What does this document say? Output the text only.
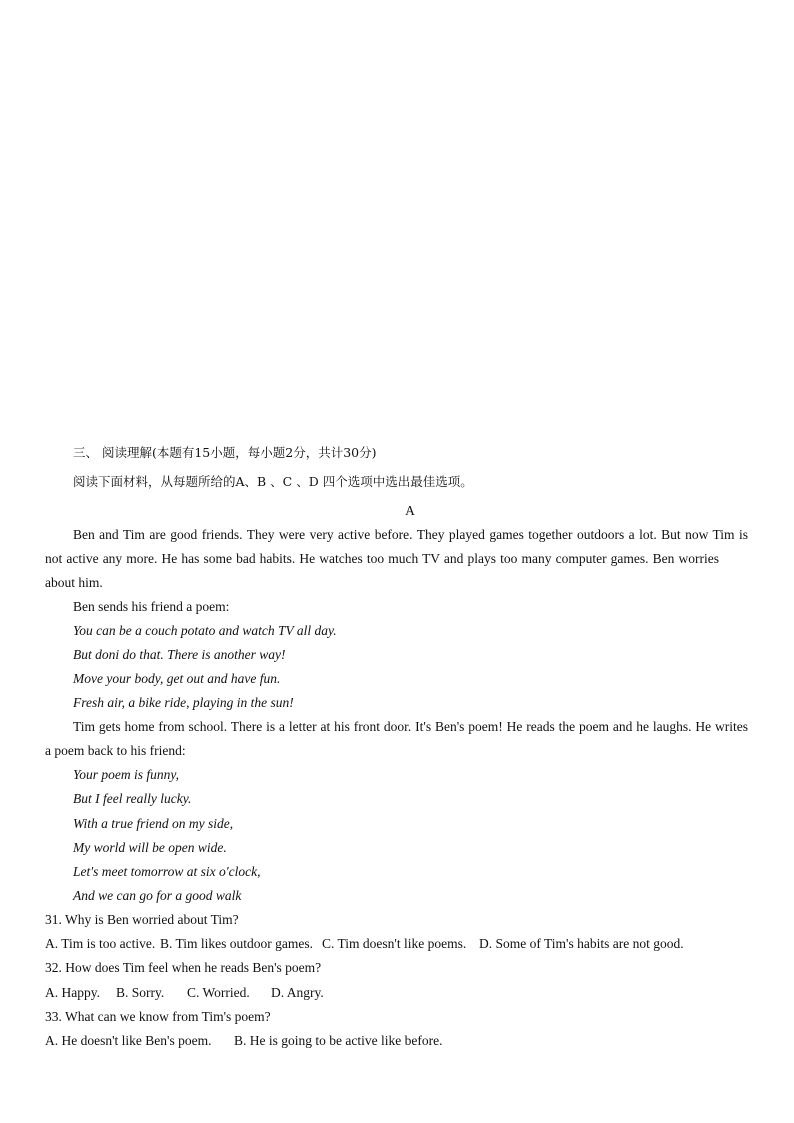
三、 阅读理解(本题有15小题，每小题2分，共计30分)
阅读下面材料，从每题所给的A、B 、C 、D 四个选项中选出最佳选项。
A
Ben and Tim are good friends. They were very active before. They played games together outdoors a lot. But now Tim is
not active any more. He has some bad habits. He watches too much TV and plays too many computer games. Ben worries
about him.
Ben sends his friend a poem:
You can be a couch potato and watch TV all day.
But doni do that. There is another way!
Move your body, get out and have fun.
Fresh air, a bike ride, playing in the sun!
Tim gets home from school. There is a letter at his front door. It's Ben's poem! He reads the poem and he laughs. He writes
a poem back to his friend:
Your poem is funny,
But I feel really lucky.
With a true friend on my side,
My world will be open wide.
Let's meet tomorrow at six o'clock,
And we can go for a good walk
31. Why is Ben worried about Tim?
A. Tim is too active. B. Tim likes outdoor games. C. Tim doesn't like poems. D. Some of Tim's habits are not good.
32. How does Tim feel when he reads Ben's poem?
A. Happy. B. Sorry. C. Worried. D. Angry.
33. What can we know from Tim's poem?
A. He doesn't like Ben's poem. B. He is going to be active like before.
